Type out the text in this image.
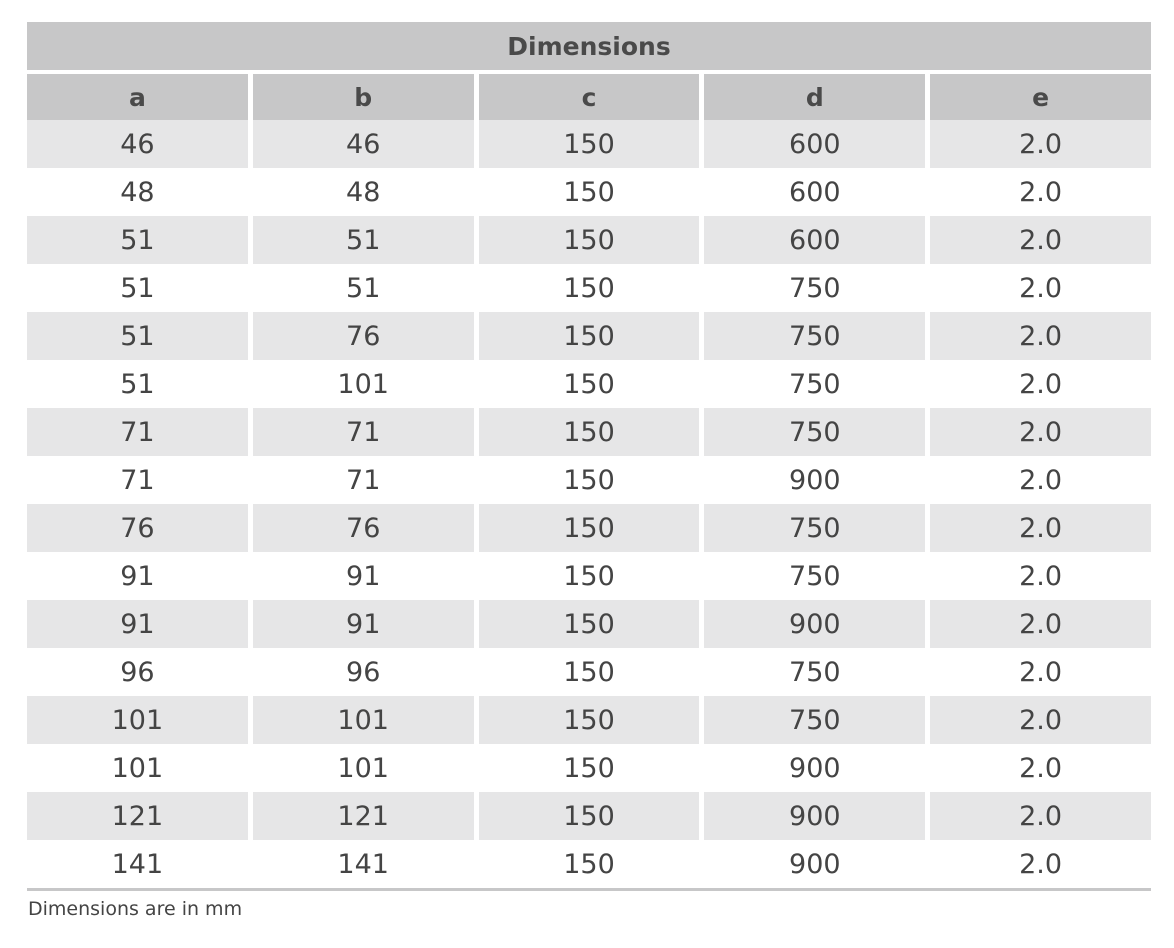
Dimensions
a	b	c	d	e
46	46	150	600	2.0
48	48	150	600	2.0
51	51	150	600	2.0
51	51	150	750	2.0
51	76	150	750	2.0
51	101	150	750	2.0
71	71	150	750	2.0
71	71	150	900	2.0
76	76	150	750	2.0
91	91	150	750	2.0
91	91	150	900	2.0
96	96	150	750	2.0
101	101	150	750	2.0
101	101	150	900	2.0
121	121	150	900	2.0
141	141	150	900	2.0
Dimensions are in mm
